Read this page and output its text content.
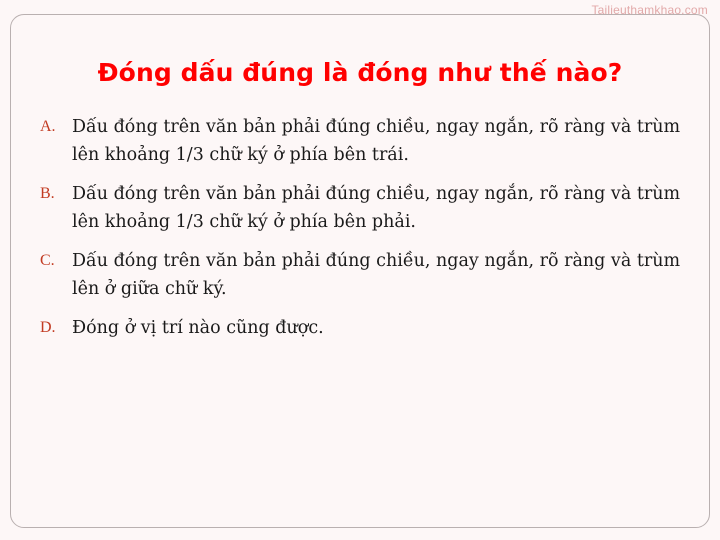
Tailieuthamkhao.com
Đóng dấu đúng là đóng như thế nào?
A. Dấu đóng trên văn bản phải đúng chiều, ngay ngắn, rõ ràng và trùm lên khoảng 1/3 chữ ký ở phía bên trái.
B. Dấu đóng trên văn bản phải đúng chiều, ngay ngắn, rõ ràng và trùm lên khoảng 1/3 chữ ký ở phía bên phải.
C. Dấu đóng trên văn bản phải đúng chiều, ngay ngắn, rõ ràng và trùm lên ở giữa chữ ký.
D. Đóng ở vị trí nào cũng được.
